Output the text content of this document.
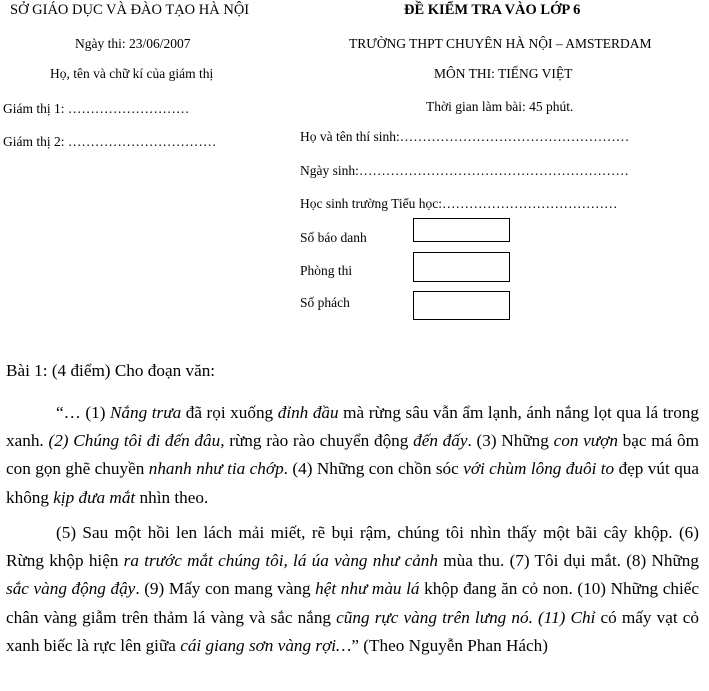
SỞ GIÁO DỤC VÀ ĐÀO TẠO HÀ NỘI
Ngày thi: 23/06/2007
Họ, tên và chữ kí của giám thị
Giám thị 1: ………………………
Giám thị 2: ……………………………
ĐỀ KIỂM TRA VÀO LỚP 6
TRƯỜNG THPT CHUYÊN HÀ NỘI – AMSTERDAM
MÔN THI: TIẾNG VIỆT
Thời gian làm bài: 45 phút.
Họ và tên thí sinh:……………………………………………
Ngày sinh:……………………………………………………
Học sinh trường Tiểu học:…………………………………
Số báo danh
Phòng thi
Số phách
Bài 1: (4 điểm) Cho đoạn văn:
“… (1) Nắng trưa đã rọi xuống đỉnh đầu mà rừng sâu vẫn ẩm lạnh, ánh nắng lọt qua lá trong xanh. (2) Chúng tôi đi đến đâu, rừng rào rào chuyển động đến đấy. (3) Những con vượn bạc má ôm con gọn ghẽ chuyền nhanh như tia chớp. (4) Những con chồn sóc với chùm lông đuôi to đẹp vút qua không kịp đưa mắt nhìn theo.
(5) Sau một hồi len lách mải miết, rẽ bụi rậm, chúng tôi nhìn thấy một bãi cây khộp. (6) Rừng khộp hiện ra trước mắt chúng tôi, lá úa vàng như cảnh mùa thu. (7) Tôi dụi mắt. (8) Những sắc vàng động đậy. (9) Mấy con mang vàng hệt như màu lá khộp đang ăn cỏ non. (10) Những chiếc chân vàng giẫm trên thảm lá vàng và sắc nắng cũng rực vàng trên lưng nó. (11) Chỉ có mấy vạt cỏ xanh biếc là rực lên giữa cái giang sơn vàng rợi…” (Theo Nguyễn Phan Hách)
